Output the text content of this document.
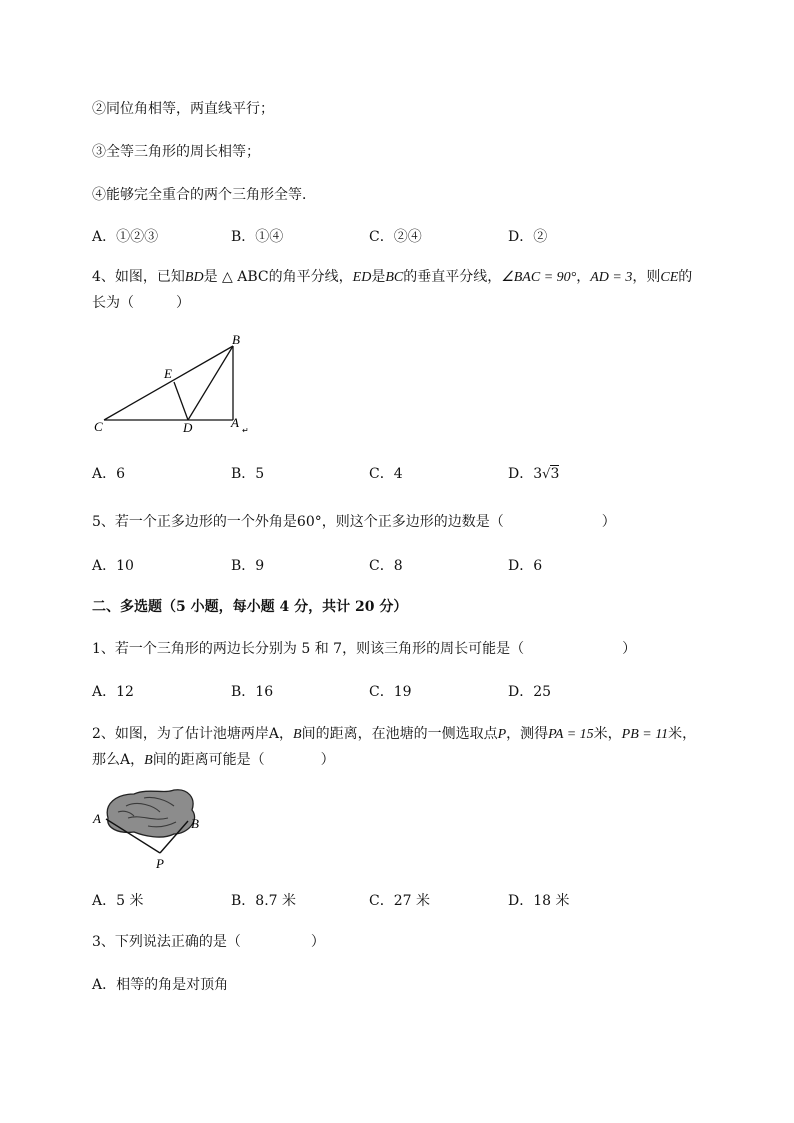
②同位角相等，两直线平行；
③全等三角形的周长相等；
④能够完全重合的两个三角形全等．
A．①②③	B．①④	C．②④	D．②
4、如图，已知BD是 △ ABC的角平分线，ED是BC的垂直平分线，∠BAC = 90°，AD = 3，则CE的
长为（　　　）
B
E
C	D	A
↵
A．6	B．5	C．4	D．3√3
5、若一个正多边形的一个外角是60°，则这个正多边形的边数是（　　　　　　　）
A．10	B．9	C．8	D．6
二、多选题（5 小题，每小题 4 分，共计 20 分）
1、若一个三角形的两边长分别为 5 和 7，则该三角形的周长可能是（　　　　　　　）
A．12	B．16	C．19	D．25
2、如图，为了估计池塘两岸A，B间的距离，在池塘的一侧选取点P，测得PA = 15米，PB = 11米，
那么A，B间的距离可能是（　　　　）
A	B
P
A．5 米	B．8.7 米	C．27 米	D．18 米
3、下列说法正确的是（　　　　　）
A．相等的角是对顶角
